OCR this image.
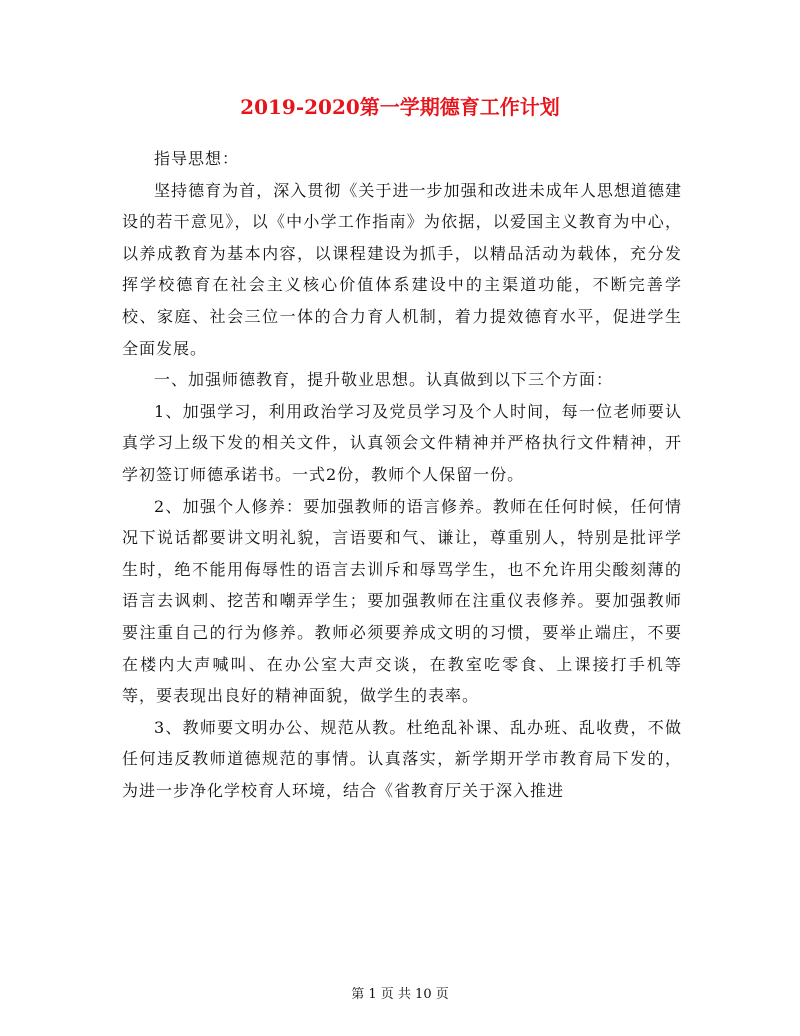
2019-2020第一学期德育工作计划

指导思想：

坚持德育为首，深入贯彻《关于进一步加强和改进未成年人思想道德建设的若干意见》，以《中小学工作指南》为依据，以爱国主义教育为中心，以养成教育为基本内容，以课程建设为抓手，以精品活动为载体，充分发挥学校德育在社会主义核心价值体系建设中的主渠道功能，不断完善学校、家庭、社会三位一体的合力育人机制，着力提效德育水平，促进学生全面发展。

一、加强师德教育，提升敬业思想。认真做到以下三个方面：

1、加强学习，利用政治学习及党员学习及个人时间，每一位老师要认真学习上级下发的相关文件，认真领会文件精神并严格执行文件精神，开学初签订师德承诺书。一式2份，教师个人保留一份。

2、加强个人修养：要加强教师的语言修养。教师在任何时候，任何情况下说话都要讲文明礼貌，言语要和气、谦让，尊重别人，特别是批评学生时，绝不能用侮辱性的语言去训斥和辱骂学生，也不允许用尖酸刻薄的语言去讽刺、挖苦和嘲弄学生；要加强教师在注重仪表修养。要加强教师要注重自己的行为修养。教师必须要养成文明的习惯，要举止端庄，不要在楼内大声喊叫、在办公室大声交谈，在教室吃零食、上课接打手机等等，要表现出良好的精神面貌，做学生的表率。

3、教师要文明办公、规范从教。杜绝乱补课、乱办班、乱收费，不做任何违反教师道德规范的事情。认真落实，新学期开学市教育局下发的，为进一步净化学校育人环境，结合《省教育厅关于深入推进

第 1 页 共 10 页
